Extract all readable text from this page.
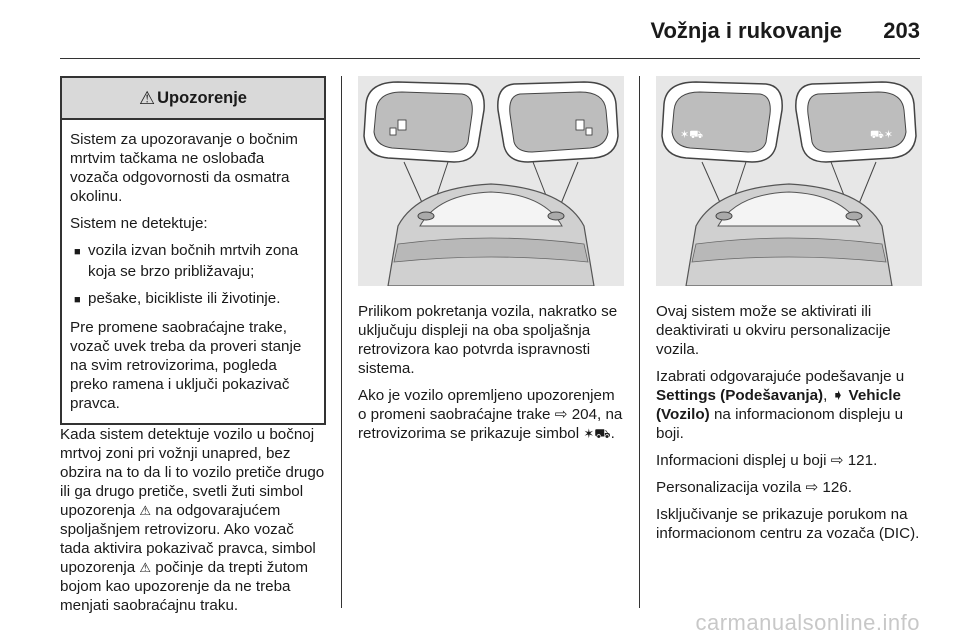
Vožnja i rukovanje 203
⚠ Upozorenje

Sistem za upozoravanje o bočnim mrtvim tačkama ne oslobađa vozača odgovornosti da osmatra okolinu.

Sistem ne detektuje:

■ vozila izvan bočnih mrtvih zona koja se brzo približavaju;
■ pešake, bicikliste ili životinje.

Pre promene saobraćajne trake, vozač uvek treba da proveri stanje na svim retrovizorima, pogleda preko ramena i uključi pokazivač pravca.

Kada sistem detektuje vozilo u bočnoj mrtvoj zoni pri vožnji unapred, bez obzira na to da li to vozilo pretiče drugo ili ga drugo pretiče, svetli žuti simbol upozorenja ⚠ na odgovarajućem spoljašnjem retrovizoru. Ako vozač tada aktivira pokazivač pravca, simbol upozorenja ⚠ počinje da trepti žutom bojom kao upozorenje da ne treba menjati saobraćajnu traku.

Prilikom pokretanja vozila, nakratko se uključuju displeji na oba spoljašnja retrovizora kao potvrda ispravnosti sistema.

Ako je vozilo opremljeno upozorenjem o promeni saobraćajne trake ⇨ 204, na retrovizorima se prikazuje simbol ✶⛟.

✶⛟	⛟✶

Ovaj sistem može se aktivirati ili deaktivirati u okviru personalizacije vozila.

Izabrati odgovarajuće podešavanje u Settings (Podešavanja), ➧ Vehicle (Vozilo) na informacionom displeju u boji.

Informacioni displej u boji ⇨ 121.

Personalizacija vozila ⇨ 126.

Isključivanje se prikazuje porukom na informacionom centru za vozača (DIC).

carmanualsonline.info
